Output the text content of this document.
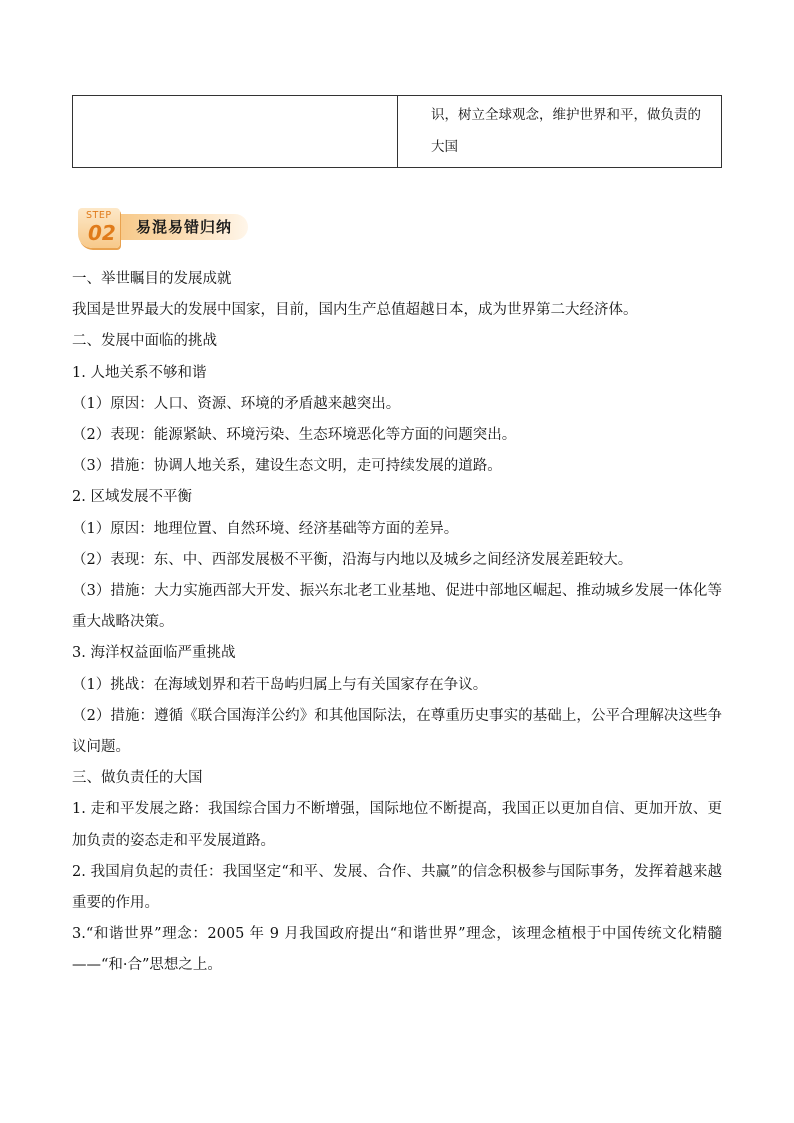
识，树立全球观念，维护世界和平，做负责的
大国
易混易错归纳
STEP
02

一、举世瞩目的发展成就

我国是世界最大的发展中国家，目前，国内生产总值超越日本，成为世界第二大经济体。

二、发展中面临的挑战

1. 人地关系不够和谐

（1）原因：人口、资源、环境的矛盾越来越突出。

（2）表现：能源紧缺、环境污染、生态环境恶化等方面的问题突出。

（3）措施：协调人地关系，建设生态文明，走可持续发展的道路。

2. 区域发展不平衡

（1）原因：地理位置、自然环境、经济基础等方面的差异。

（2）表现：东、中、西部发展极不平衡，沿海与内地以及城乡之间经济发展差距较大。

（3）措施：大力实施西部大开发、振兴东北老工业基地、促进中部地区崛起、推动城乡发展一体化等重大战略决策。

3. 海洋权益面临严重挑战

（1）挑战：在海域划界和若干岛屿归属上与有关国家存在争议。

（2）措施：遵循《联合国海洋公约》和其他国际法，在尊重历史事实的基础上，公平合理解决这些争议问题。

三、做负责任的大国

1. 走和平发展之路：我国综合国力不断增强，国际地位不断提高，我国正以更加自信、更加开放、更加负责的姿态走和平发展道路。

2. 我国肩负起的责任：我国坚定“和平、发展、合作、共赢”的信念积极参与国际事务，发挥着越来越重要的作用。

3.“和谐世界”理念：2005 年 9 月我国政府提出“和谐世界”理念，该理念植根于中国传统文化精髓——“和·合”思想之上。
